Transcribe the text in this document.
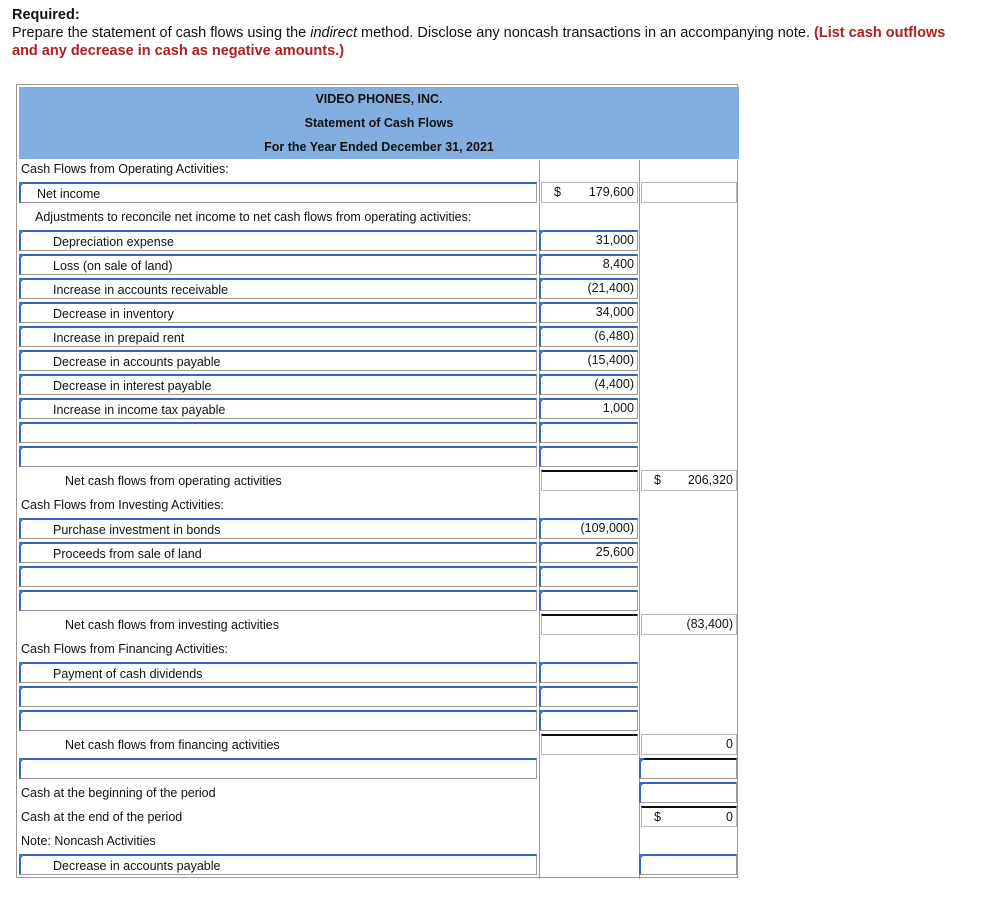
Required:
Prepare the statement of cash flows using the indirect method. Disclose any noncash transactions in an accompanying note. (List cash outflows and any decrease in cash as negative amounts.)
VIDEO PHONES, INC.
Statement of Cash Flows
For the Year Ended December 31, 2021
Cash Flows from Operating Activities:
Net income	$ 179,600
Adjustments to reconcile net income to net cash flows from operating activities:
Depreciation expense	31,000
Loss (on sale of land)	8,400
Increase in accounts receivable	(21,400)
Decrease in inventory	34,000
Increase in prepaid rent	(6,480)
Decrease in accounts payable	(15,400)
Decrease in interest payable	(4,400)
Increase in income tax payable	1,000
Net cash flows from operating activities	$ 206,320
Cash Flows from Investing Activities:
Purchase investment in bonds	(109,000)
Proceeds from sale of land	25,600
Net cash flows from investing activities	(83,400)
Cash Flows from Financing Activities:
Payment of cash dividends
Net cash flows from financing activities	0
Cash at the beginning of the period
Cash at the end of the period	$	0
Note: Noncash Activities
Decrease in accounts payable
